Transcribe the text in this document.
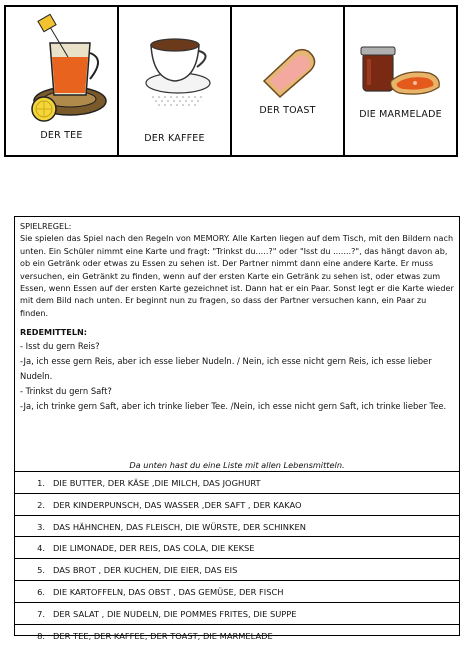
DER TEE	DER KAFFEE
DER TOAST	DIE MARMELADE

SPIELREGEL:

Sie spielen das Spiel nach den Regeln von MEMORY. Alle Karten liegen auf dem Tisch, mit den Bildern nach unten. Ein Schüler nimmt eine Karte und fragt: "Trinkst du.....?" oder "Isst du .......?", das hängt davon ab, ob ein Getränk oder etwas zu Essen zu sehen ist. Der Partner nimmt dann eine andere Karte. Er muss versuchen, ein Getränkt zu finden, wenn auf der ersten Karte ein Getränk zu sehen ist, oder etwas zum Essen, wenn Essen auf der ersten Karte gezeichnet ist. Dann hat er ein Paar. Sonst legt er die Karte wieder mit dem Bild nach unten. Er beginnt nun zu fragen, so dass der Partner versuchen kann, ein Paar zu finden.

REDEMITTELN:

- Isst du gern Reis?

-Ja, ich esse gern Reis, aber ich esse lieber Nudeln. / Nein, ich esse nicht gern Reis, ich esse lieber Nudeln.

- Trinkst du gern Saft?

-Ja, ich trinke gern Saft, aber ich trinke lieber Tee. /Nein, ich esse nicht gern Saft, ich trinke lieber Tee.

Da unten hast du eine Liste mit allen Lebensmitteln.
1. DIE BUTTER, DER KÄSE ,DIE MILCH, DAS JOGHURT
2. DER KINDERPUNSCH, DAS WASSER ,DER SAFT , DER KAKAO
3. DAS HÄHNCHEN, DAS FLEISCH, DIE WÜRSTE, DER SCHINKEN
4. DIE LIMONADE, DER REIS, DAS COLA, DIE KEKSE
5. DAS BROT , DER KUCHEN, DIE EIER, DAS EIS
6. DIE KARTOFFELN, DAS OBST , DAS GEMÜSE, DER FISCH
7. DER SALAT , DIE NUDELN, DIE POMMES FRITES, DIE SUPPE
8. DER TEE, DER KAFFEE, DER TOAST, DIE MARMELADE
